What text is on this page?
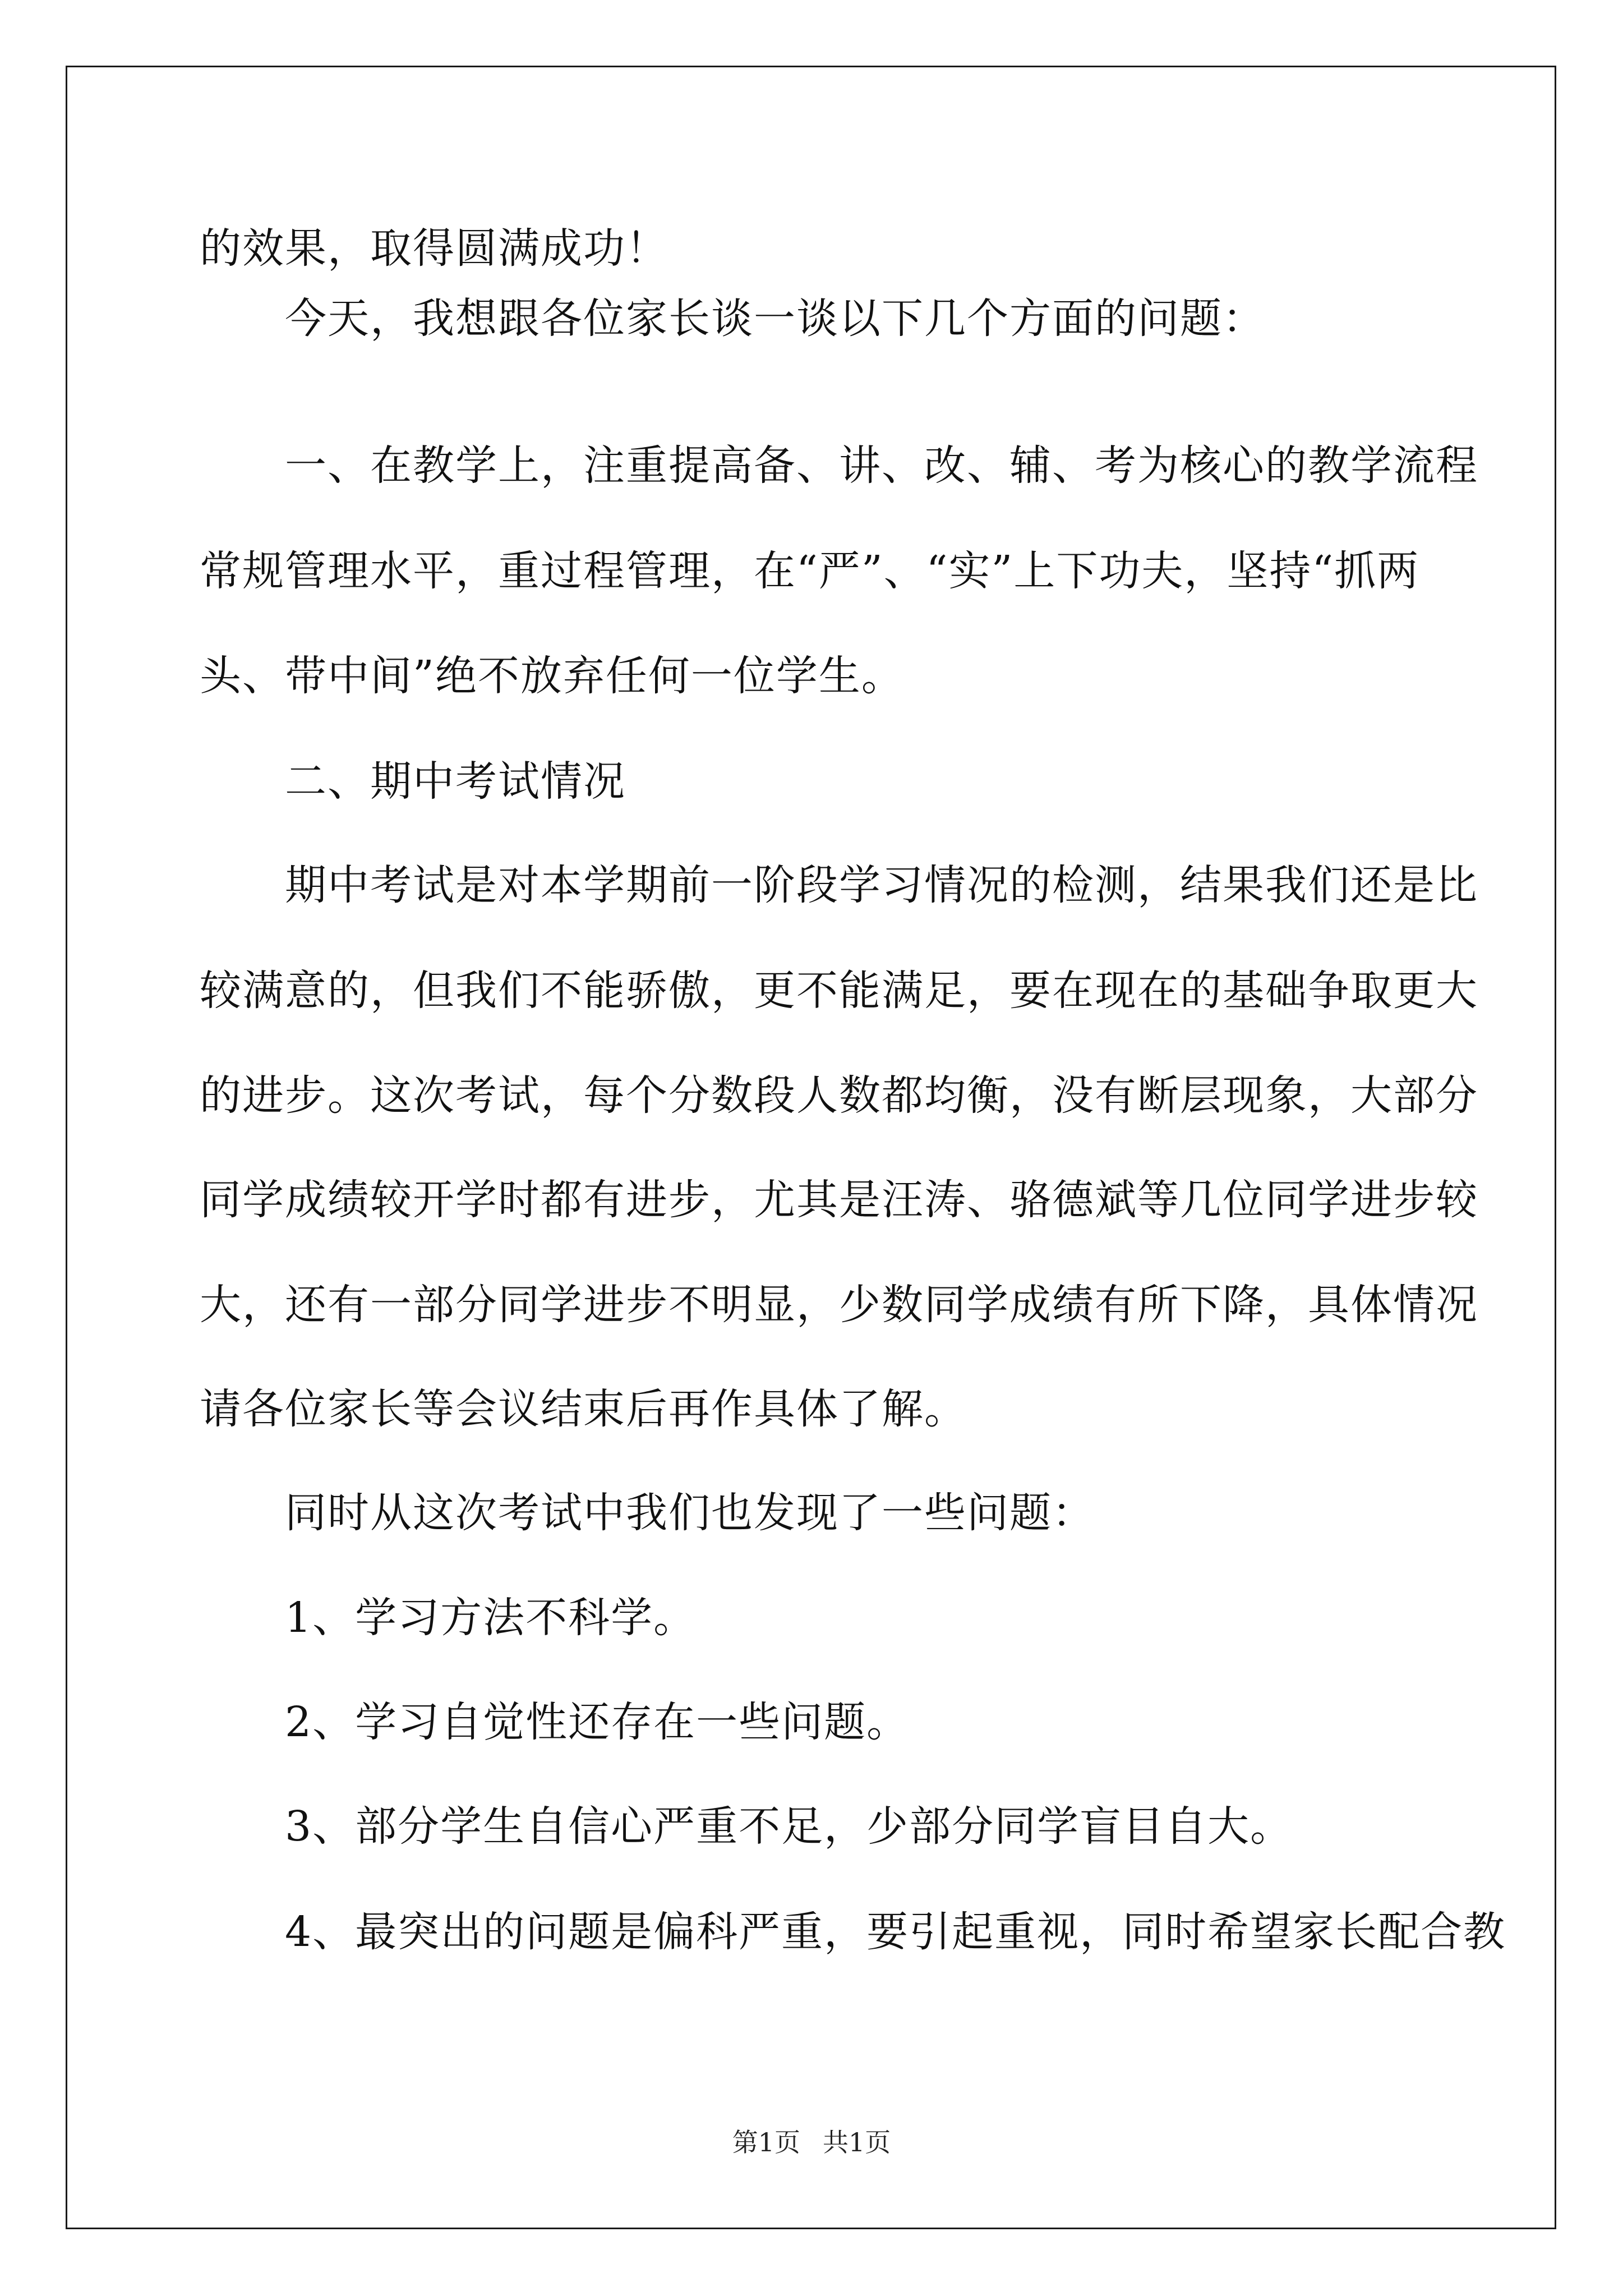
的效果，取得圆满成功！
　　今天，我想跟各位家长谈一谈以下几个方面的问题：
　　一、在教学上，注重提高备、讲、改、辅、考为核心的教学流程
常规管理水平，重过程管理，在“严”、“实”上下功夫，坚持“抓两
头、带中间”绝不放弃任何一位学生。
　　二、期中考试情况
　　期中考试是对本学期前一阶段学习情况的检测，结果我们还是比
较满意的，但我们不能骄傲，更不能满足，要在现在的基础争取更大
的进步。这次考试，每个分数段人数都均衡，没有断层现象，大部分
同学成绩较开学时都有进步，尤其是汪涛、骆德斌等几位同学进步较
大，还有一部分同学进步不明显，少数同学成绩有所下降，具体情况
请各位家长等会议结束后再作具体了解。
　　同时从这次考试中我们也发现了一些问题：
　　1、学习方法不科学。
　　2、学习自觉性还存在一些问题。
　　3、部分学生自信心严重不足，少部分同学盲目自大。
　　4、最突出的问题是偏科严重，要引起重视，同时希望家长配合教
第1页 共1页
